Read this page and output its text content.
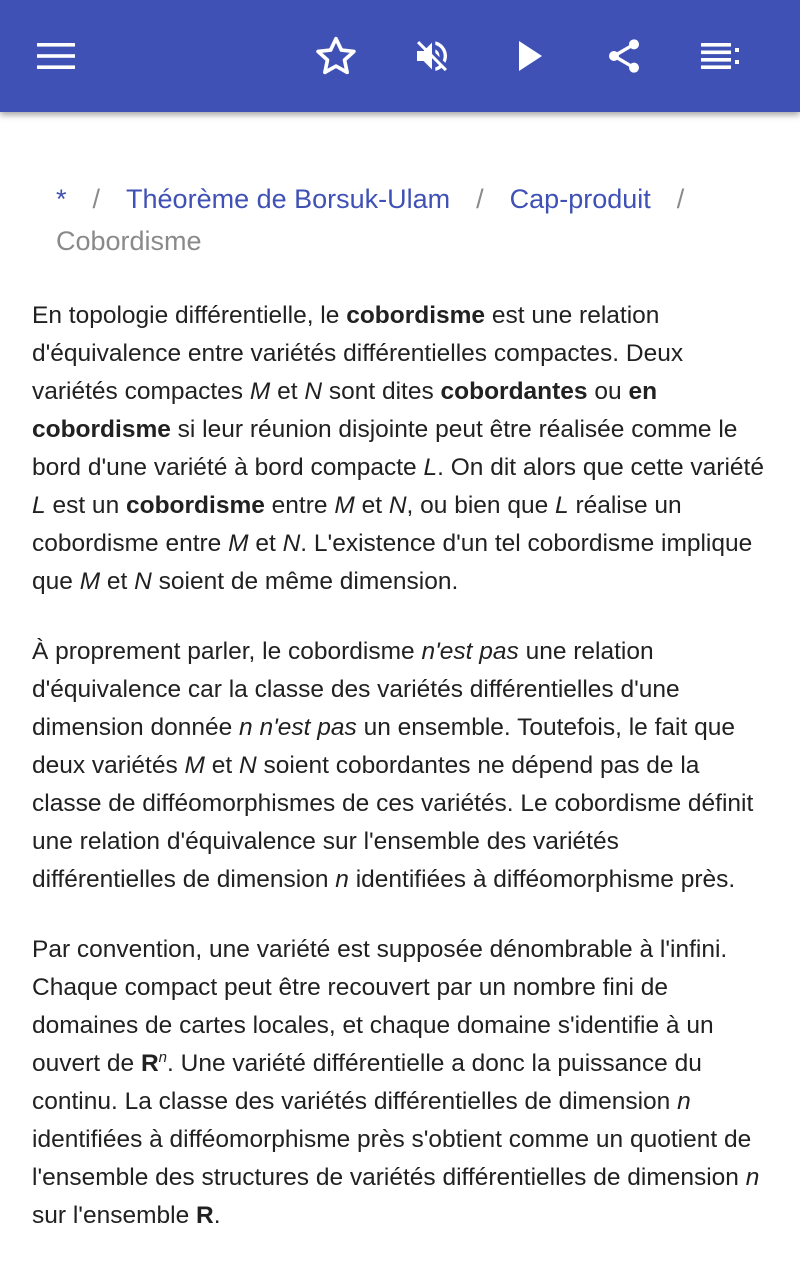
* / Théorème de Borsuk-Ulam / Cap-produit /
Cobordisme

En topologie différentielle, le cobordisme est une relation d'équivalence entre variétés différentielles compactes. Deux variétés compactes M et N sont dites cobordantes ou en cobordisme si leur réunion disjointe peut être réalisée comme le bord d'une variété à bord compacte L. On dit alors que cette variété L est un cobordisme entre M et N, ou bien que L réalise un cobordisme entre M et N. L'existence d'un tel cobordisme implique que M et N soient de même dimension.

À proprement parler, le cobordisme n'est pas une relation d'équivalence car la classe des variétés différentielles d'une dimension donnée n n'est pas un ensemble. Toutefois, le fait que deux variétés M et N soient cobordantes ne dépend pas de la classe de difféomorphismes de ces variétés. Le cobordisme définit une relation d'équivalence sur l'ensemble des variétés différentielles de dimension n identifiées à difféomorphisme près.

Par convention, une variété est supposée dénombrable à l'infini. Chaque compact peut être recouvert par un nombre fini de domaines de cartes locales, et chaque domaine s'identifie à un ouvert de $R^n$. Une variété différentielle a donc la puissance du continu. La classe des variétés différentielles de dimension n identifiées à difféomorphisme près s'obtient comme un quotient de l'ensemble des structures de variétés différentielles de dimension n sur l'ensemble R.
